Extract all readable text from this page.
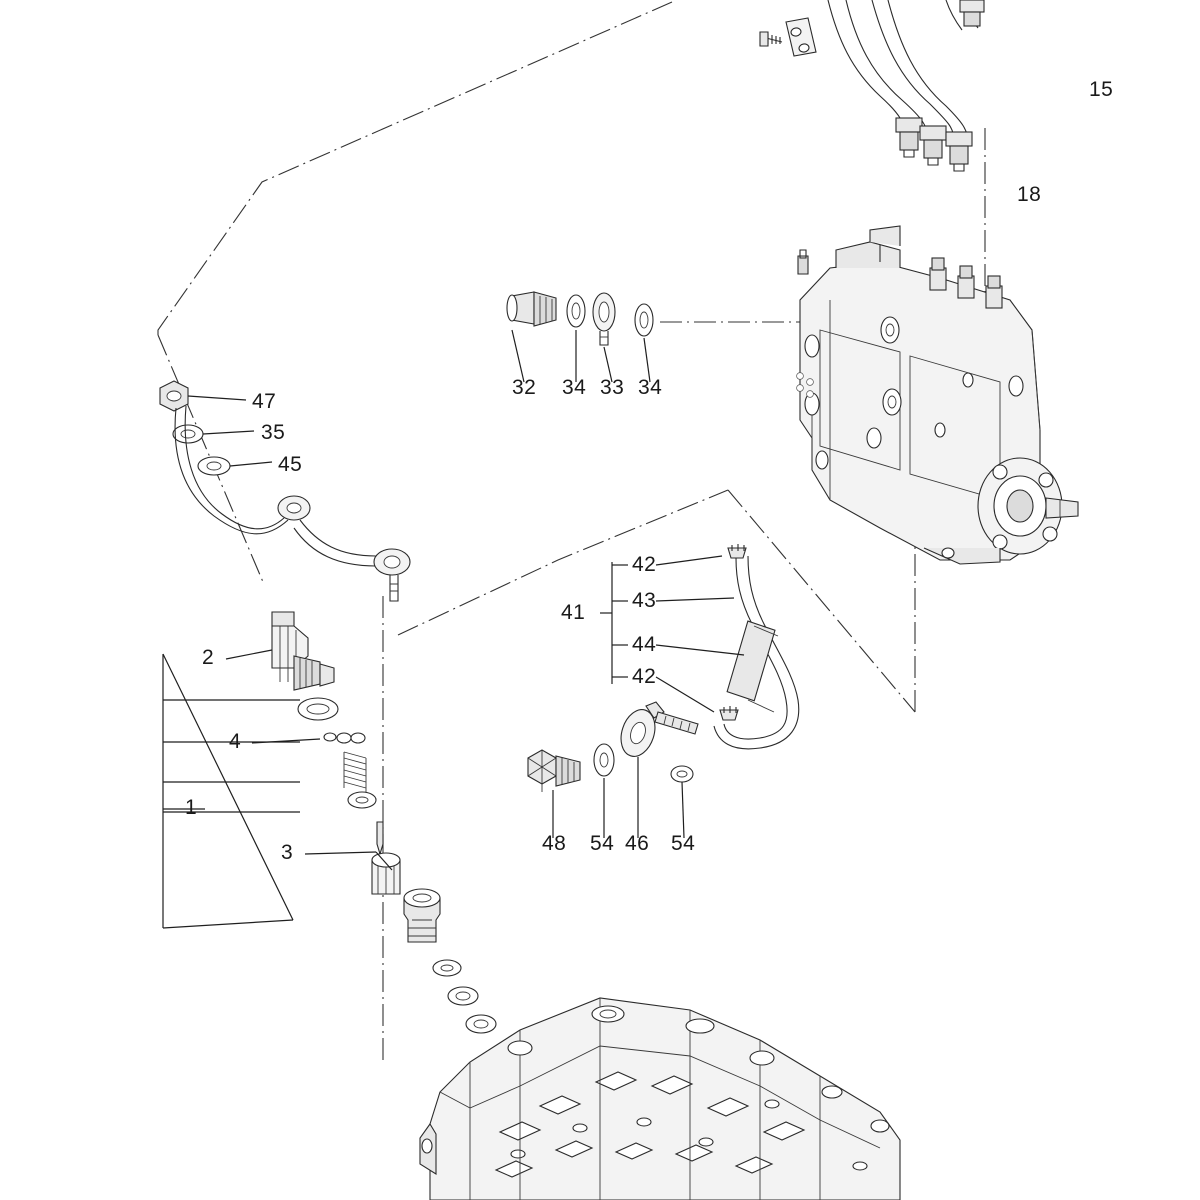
15
18
32 34 33 34
47
35
45
42
41
43
44
42
2
4
1
3	48 54 46 54
